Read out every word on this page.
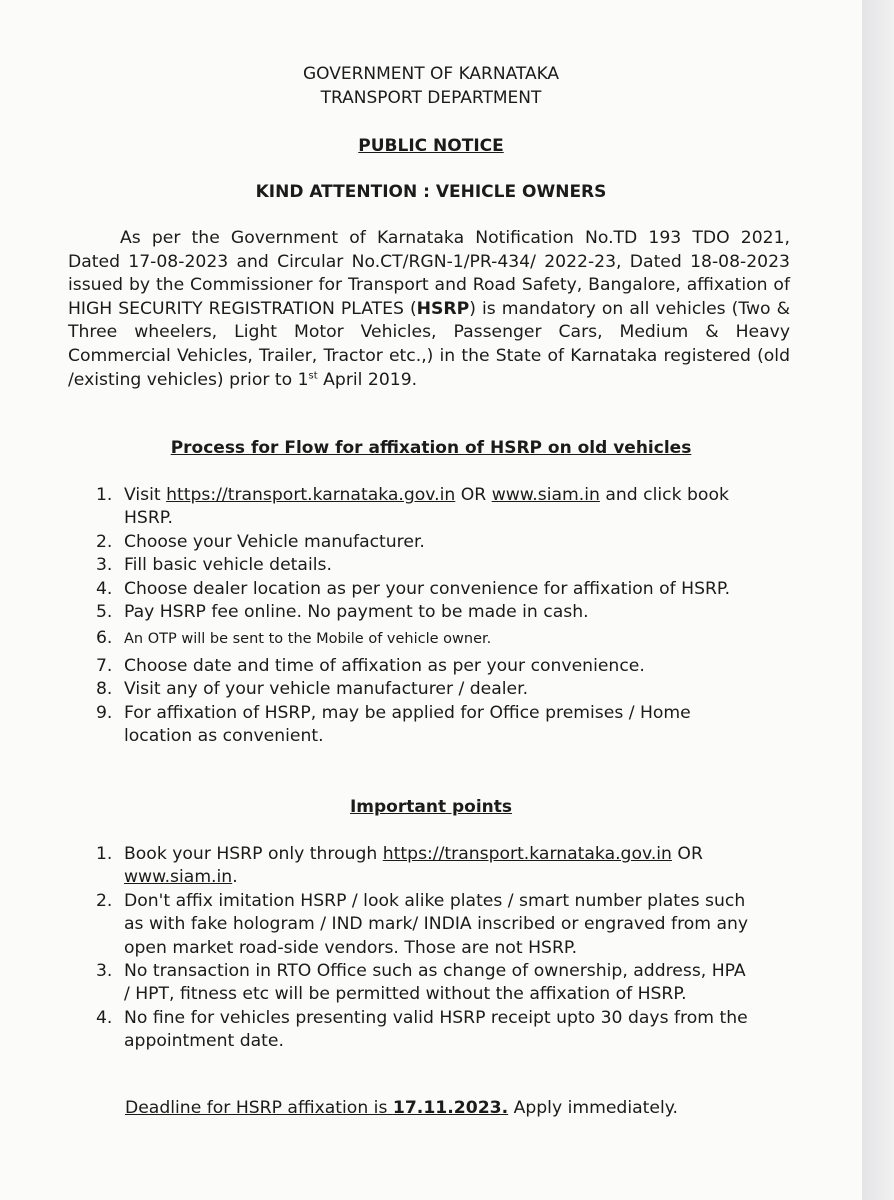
GOVERNMENT OF KARNATAKA
TRANSPORT DEPARTMENT
PUBLIC NOTICE
KIND ATTENTION : VEHICLE OWNERS
As per the Government of Karnataka Notification No.TD 193 TDO 2021, Dated 17-08-2023 and Circular No.CT/RGN-1/PR-434/ 2022-23, Dated 18-08-2023 issued by the Commissioner for Transport and Road Safety, Bangalore, affixation of HIGH SECURITY REGISTRATION PLATES (HSRP) is mandatory on all vehicles (Two & Three wheelers, Light Motor Vehicles, Passenger Cars, Medium & Heavy Commercial Vehicles, Trailer, Tractor etc.,) in the State of Karnataka registered (old /existing vehicles) prior to 1st April 2019.
Process for Flow for affixation of HSRP on old vehicles
1. Visit https://transport.karnataka.gov.in OR www.siam.in and click book HSRP.
2. Choose your Vehicle manufacturer.
3. Fill basic vehicle details.
4. Choose dealer location as per your convenience for affixation of HSRP.
5. Pay HSRP fee online. No payment to be made in cash.
6. An OTP will be sent to the Mobile of vehicle owner.
7. Choose date and time of affixation as per your convenience.
8. Visit any of your vehicle manufacturer / dealer.
9. For affixation of HSRP, may be applied for Office premises / Home location as convenient.
Important points
1. Book your HSRP only through https://transport.karnataka.gov.in OR www.siam.in.
2. Don't affix imitation HSRP / look alike plates / smart number plates such as with fake hologram / IND mark/ INDIA inscribed or engraved from any open market road-side vendors. Those are not HSRP.
3. No transaction in RTO Office such as change of ownership, address, HPA / HPT, fitness etc will be permitted without the affixation of HSRP.
4. No fine for vehicles presenting valid HSRP receipt upto 30 days from the appointment date.
Deadline for HSRP affixation is 17.11.2023. Apply immediately.
